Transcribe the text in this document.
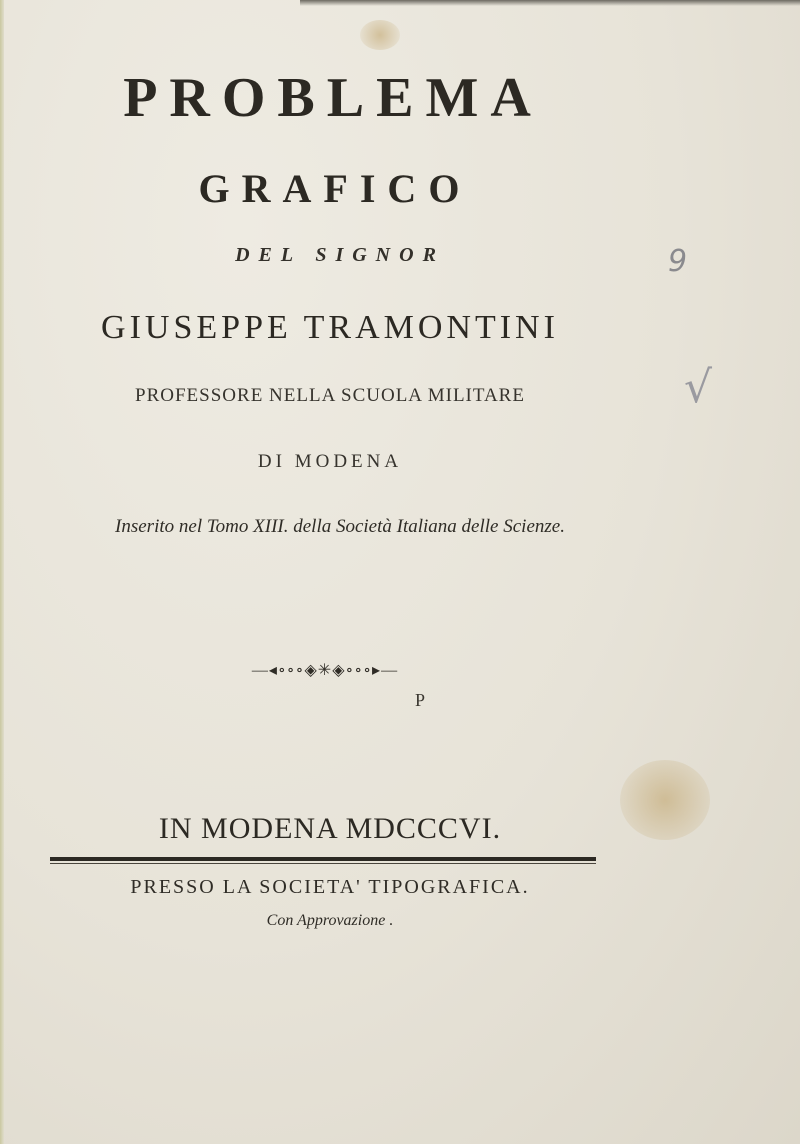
PROBLEMA
GRAFICO
DEL SIGNOR
GIUSEPPE TRAMONTINI
PROFESSORE NELLA SCUOLA MILITARE
DI MODENA
Inserito nel Tomo XIII. della Società Italiana delle Scienze.
—◂∘∘∘◈✳◈∘∘∘▸—
P
IN MODENA MDCCCVI.
PRESSO LA SOCIETA' TIPOGRAFICA.
Con Approvazione .
9
√
